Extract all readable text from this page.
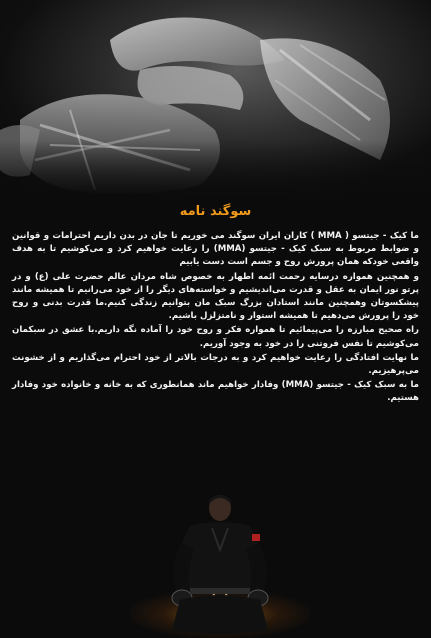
سوگند نامه

ما کیک - جیتسو ( MMA ) کاران ایران سوگند می خوریم تا جان در بدن داریم احترامات و قوانین و ضوابط مربوط به سبک کیک - جیتسو (MMA) را رعایت خواهیم کرد و می‌کوشیم تا به هدف واقعی خودکه همان پرورش روح و جسم است دست یابیم

و همچنین همواره درسایه رحمت ائمه اطهار به خصوص شاه مردان عالم حضرت علی (ع) و در پرتو نور ایمان به عقل و قدرت می‌اندیشیم و خواسته‌های دیگر را از خود می‌رانیم تا همیشه مانند پیشکسوتان وهمچنین مانند استادان بزرگ سبک مان بتوانیم زندگی کنیم.ما قدرت بدنی و روح خود را پرورش می‌دهیم تا همیشه استوار و نامتزلزل باشیم.

راه صحیح مبارزه را می‌پیمائیم تا همواره فکر و روح خود را آماده نگه داریم.با عشق در سبکمان می‌کوشیم تا نفس فروتنی را در خود به وجود آوریم.

ما نهایت افتادگی را رعایت خواهیم کرد و به درجات بالاتر از خود احترام می‌گذاریم و از خشونت می‌پرهیزیم.

ما به سبک کیک - جیتسو (MMA) وفادار خواهیم ماند همانطوری که به خانه و خانواده خود وفادار هستیم.
